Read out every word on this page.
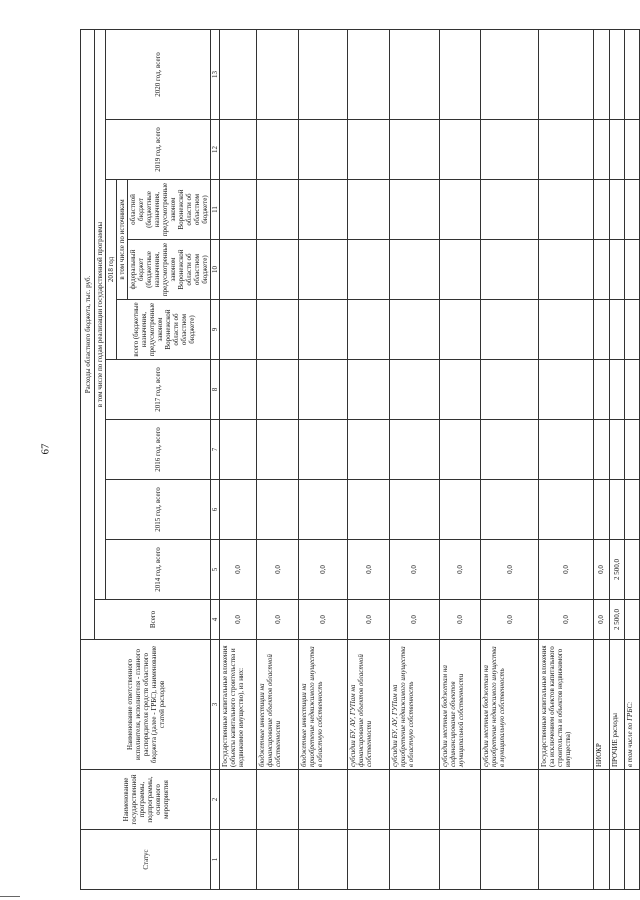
67
Статус	Наименование государственной программы, подпрограммы, основного мероприятия	Наименование ответственного исполнителя, исполнителя - главного распорядителя средств областного бюджета (далее - ГРБС), наименование статей расходов	Расходы областного бюджета, тыс. руб.									
			Всего	в том числе по годам реализации государственной программы								
				2014 год, всего	2015 год, всего	2016 год, всего	2017 год, всего	2018 год			2019 год, всего	2020 год, всего
								всего (бюджетные назначения, предусмотренные законом Воронежской области об областном бюджете)	в том числе по источникам			
									федеральный бюджет (бюджетные назначения, предусмотренные законом Воронежской области об областном бюджете)	областной бюджет (бюджетные назначения, предусмотренные законом Воронежской области об областном бюджете)		
1	2	3	4	5	6	7	8	9	10	11	12	13
		Государственные капитальные вложения (объекты капитального строительства и недвижимое имущество), из них:	0,0	0,0								
		бюджетные инвестиции на финансирование объектов областной собственности	0,0	0,0								
		бюджетные инвестиции на приобретение недвижимого имущества в областную собственность	0,0	0,0								
		субсидии БУ, АУ, ГУПам на финансирование объектов областной собственности	0,0	0,0								
		субсидии БУ, АУ, ГУПам на приобретение недвижимого имущества в областную собственность	0,0	0,0								
		субсидии местным бюджетам на софинансирование объектов муниципальной собственности	0,0	0,0								
		субсидии местным бюджетам на приобретение недвижимого имущества в муниципальную собственность	0,0	0,0								
		Государственные капитальные вложения (за исключением объектов капитального строительства и объектов недвижимого имущества)	0,0	0,0								
		НИОКР	0,0	0,0								
		ПРОЧИЕ расходы	2 500,0	2 500,0								
		в том числе по ГРБС:										
